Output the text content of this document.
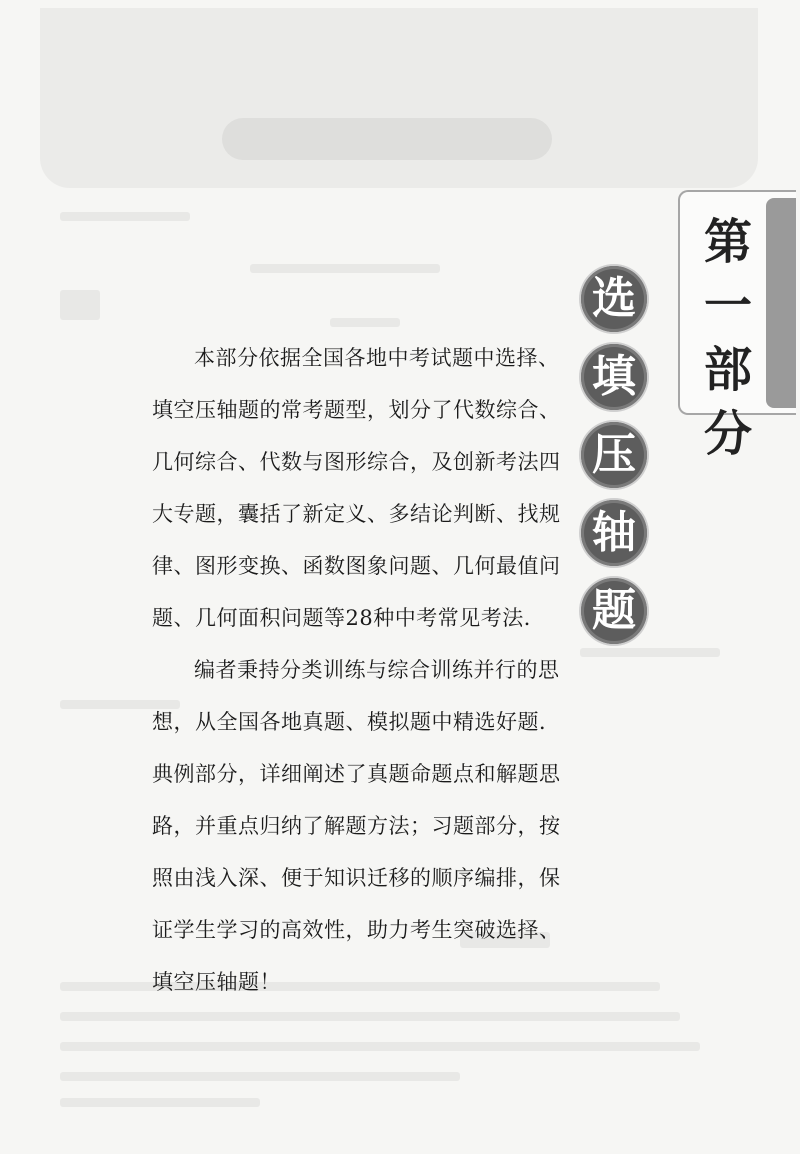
第
一
部
分
选
填
压
轴
题

本部分依据全国各地中考试题中选择、填空压轴题的常考题型，划分了代数综合、几何综合、代数与图形综合，及创新考法四大专题，囊括了新定义、多结论判断、找规律、图形变换、函数图象问题、几何最值问题、几何面积问题等28种中考常见考法．

编者秉持分类训练与综合训练并行的思想，从全国各地真题、模拟题中精选好题．典例部分，详细阐述了真题命题点和解题思路，并重点归纳了解题方法；习题部分，按照由浅入深、便于知识迁移的顺序编排，保证学生学习的高效性，助力考生突破选择、填空压轴题！
